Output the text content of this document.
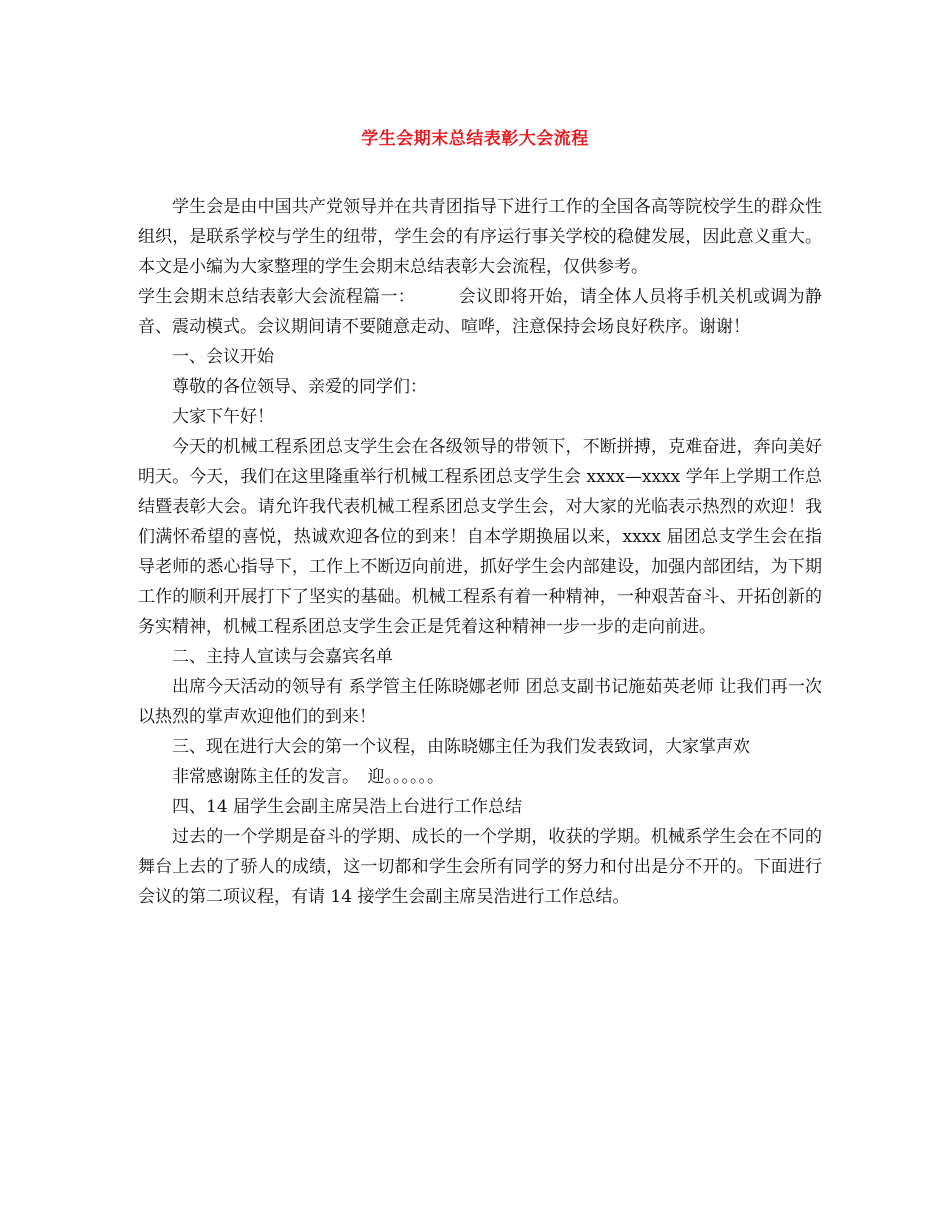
学生会期末总结表彰大会流程

学生会是由中国共产党领导并在共青团指导下进行工作的全国各高等院校学生的群众性组织，是联系学校与学生的纽带，学生会的有序运行事关学校的稳健发展，因此意义重大。本文是小编为大家整理的学生会期末总结表彰大会流程，仅供参考。

学生会期末总结表彰大会流程篇一：　　　会议即将开始，请全体人员将手机关机或调为静音、震动模式。会议期间请不要随意走动、喧哗，注意保持会场良好秩序。谢谢！

一、会议开始

尊敬的各位领导、亲爱的同学们：

大家下午好！

今天的机械工程系团总支学生会在各级领导的带领下，不断拼搏，克难奋进，奔向美好明天。今天，我们在这里隆重举行机械工程系团总支学生会 xxxx—xxxx 学年上学期工作总结暨表彰大会。请允许我代表机械工程系团总支学生会，对大家的光临表示热烈的欢迎！我们满怀希望的喜悦，热诚欢迎各位的到来！自本学期换届以来，xxxx 届团总支学生会在指导老师的悉心指导下，工作上不断迈向前进，抓好学生会内部建设，加强内部团结，为下期工作的顺利开展打下了坚实的基础。机械工程系有着一种精神，一种艰苦奋斗、开拓创新的务实精神，机械工程系团总支学生会正是凭着这种精神一步一步的走向前进。

二、主持人宣读与会嘉宾名单

出席今天活动的领导有 系学管主任陈晓娜老师 团总支副书记施茹英老师 让我们再一次以热烈的掌声欢迎他们的到来！

三、现在进行大会的第一个议程，由陈晓娜主任为我们发表致词，大家掌声欢

非常感谢陈主任的发言。　迎。。。。。。

四、14 届学生会副主席吴浩上台进行工作总结

过去的一个学期是奋斗的学期、成长的一个学期，收获的学期。机械系学生会在不同的舞台上去的了骄人的成绩，这一切都和学生会所有同学的努力和付出是分不开的。下面进行会议的第二项议程，有请 14 接学生会副主席吴浩进行工作总结。
